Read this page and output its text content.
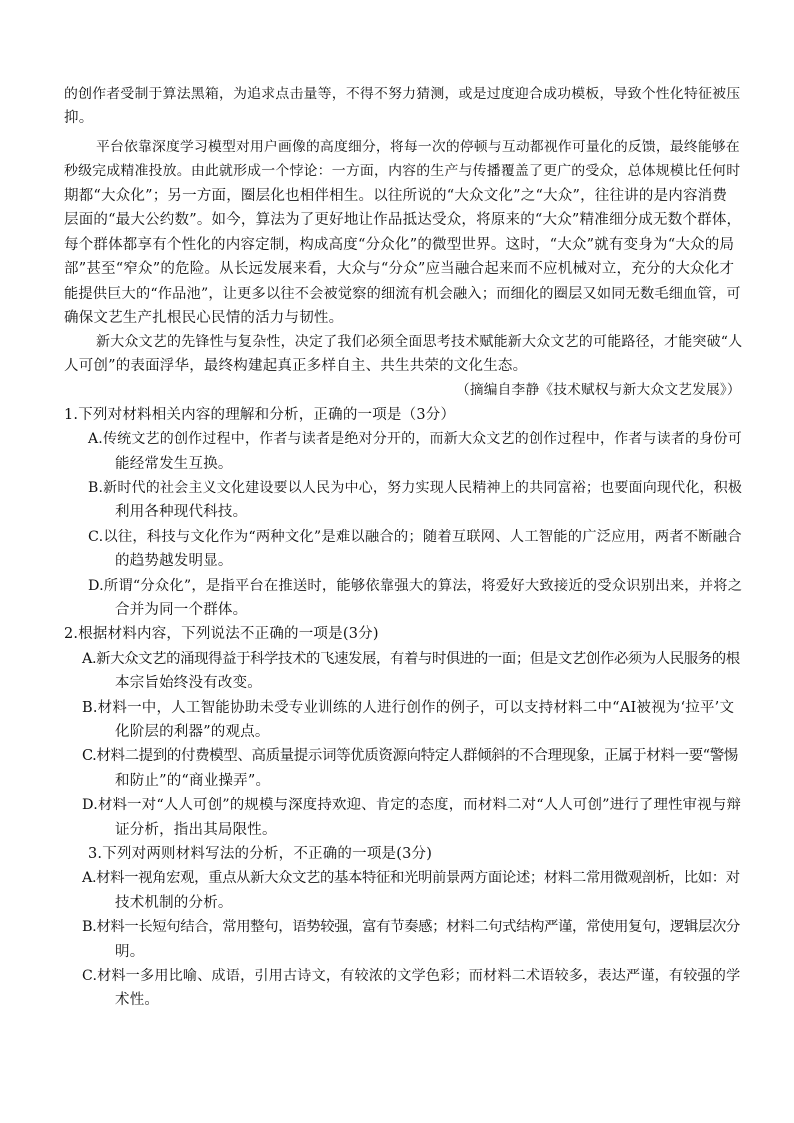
的创作者受制于算法黑箱，为追求点击量等，不得不努力猜测，或是过度迎合成功模板，导致个性化特征被压

抑。

平台依靠深度学习模型对用户画像的高度细分，将每一次的停顿与互动都视作可量化的反馈，最终能够在

秒级完成精准投放。由此就形成一个悖论：一方面，内容的生产与传播覆盖了更广的受众，总体规模比任何时

期都“大众化”；另一方面，圈层化也相伴相生。以往所说的“大众文化”之“大众”，往往讲的是内容消费

层面的“最大公约数”。如今，算法为了更好地让作品抵达受众，将原来的“大众”精准细分成无数个群体，

每个群体都享有个性化的内容定制，构成高度“分众化”的微型世界。这时，“大众”就有变身为“大众的局

部”甚至“窄众”的危险。从长远发展来看，大众与“分众”应当融合起来而不应机械对立，充分的大众化才

能提供巨大的“作品池”，让更多以往不会被觉察的细流有机会融入；而细化的圈层又如同无数毛细血管，可

确保文艺生产扎根民心民情的活力与韧性。

新大众文艺的先锋性与复杂性，决定了我们必须全面思考技术赋能新大众文艺的可能路径，才能突破“人

人可创”的表面浮华，最终构建起真正多样自主、共生共荣的文化生态。

（摘编自李静《技术赋权与新大众文艺发展》）

1.下列对材料相关内容的理解和分析，正确的一项是（3分）

A.传统文艺的创作过程中，作者与读者是绝对分开的，而新大众文艺的创作过程中，作者与读者的身份可

能经常发生互换。

B.新时代的社会主义文化建设要以人民为中心，努力实现人民精神上的共同富裕；也要面向现代化，积极

利用各种现代科技。

C.以往，科技与文化作为“两种文化”是难以融合的；随着互联网、人工智能的广泛应用，两者不断融合

的趋势越发明显。

D.所谓“分众化”，是指平台在推送时，能够依靠强大的算法，将爱好大致接近的受众识别出来，并将之

合并为同一个群体。

2.根据材料内容，下列说法不正确的一项是(3分)

A.新大众文艺的涌现得益于科学技术的飞速发展，有着与时俱进的一面；但是文艺创作必须为人民服务的根

本宗旨始终没有改变。

B.材料一中，人工智能协助未受专业训练的人进行创作的例子，可以支持材料二中“AI被视为‘拉平’文

化阶层的利器”的观点。

C.材料二提到的付费模型、高质量提示词等优质资源向特定人群倾斜的不合理现象，正属于材料一要“警惕

和防止”的“商业操弄”。

D.材料一对“人人可创”的规模与深度持欢迎、肯定的态度，而材料二对“人人可创”进行了理性审视与辩

证分析，指出其局限性。

3.下列对两则材料写法的分析，不正确的一项是(3分)

A.材料一视角宏观，重点从新大众文艺的基本特征和光明前景两方面论述；材料二常用微观剖析，比如：对

技术机制的分析。

B.材料一长短句结合，常用整句，语势较强，富有节奏感；材料二句式结构严谨，常使用复句，逻辑层次分

明。

C.材料一多用比喻、成语，引用古诗文，有较浓的文学色彩；而材料二术语较多，表达严谨，有较强的学

术性。
